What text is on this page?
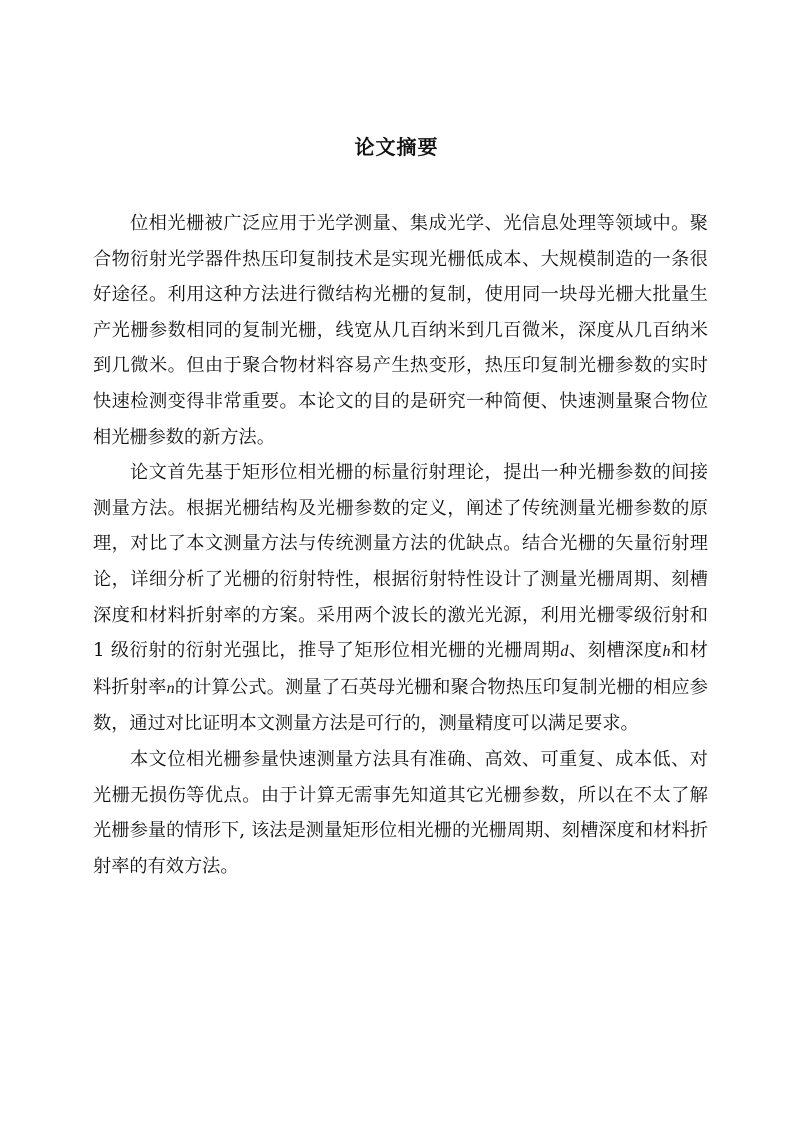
论文摘要

位相光栅被广泛应用于光学测量、集成光学、光信息处理等领域中。聚合物衍射光学器件热压印复制技术是实现光栅低成本、大规模制造的一条很好途径。利用这种方法进行微结构光栅的复制，使用同一块母光栅大批量生产光栅参数相同的复制光栅，线宽从几百纳米到几百微米，深度从几百纳米到几微米。但由于聚合物材料容易产生热变形，热压印复制光栅参数的实时快速检测变得非常重要。本论文的目的是研究一种简便、快速测量聚合物位相光栅参数的新方法。

论文首先基于矩形位相光栅的标量衍射理论，提出一种光栅参数的间接测量方法。根据光栅结构及光栅参数的定义，阐述了传统测量光栅参数的原理，对比了本文测量方法与传统测量方法的优缺点。结合光栅的矢量衍射理论，详细分析了光栅的衍射特性，根据衍射特性设计了测量光栅周期、刻槽深度和材料折射率的方案。采用两个波长的激光光源，利用光栅零级衍射和 1 级衍射的衍射光强比，推导了矩形位相光栅的光栅周期d、刻槽深度h和材料折射率n的计算公式。测量了石英母光栅和聚合物热压印复制光栅的相应参数，通过对比证明本文测量方法是可行的，测量精度可以满足要求。

本文位相光栅参量快速测量方法具有准确、高效、可重复、成本低、对光栅无损伤等优点。由于计算无需事先知道其它光栅参数，所以在不太了解光栅参量的情形下, 该法是测量矩形位相光栅的光栅周期、刻槽深度和材料折射率的有效方法。
